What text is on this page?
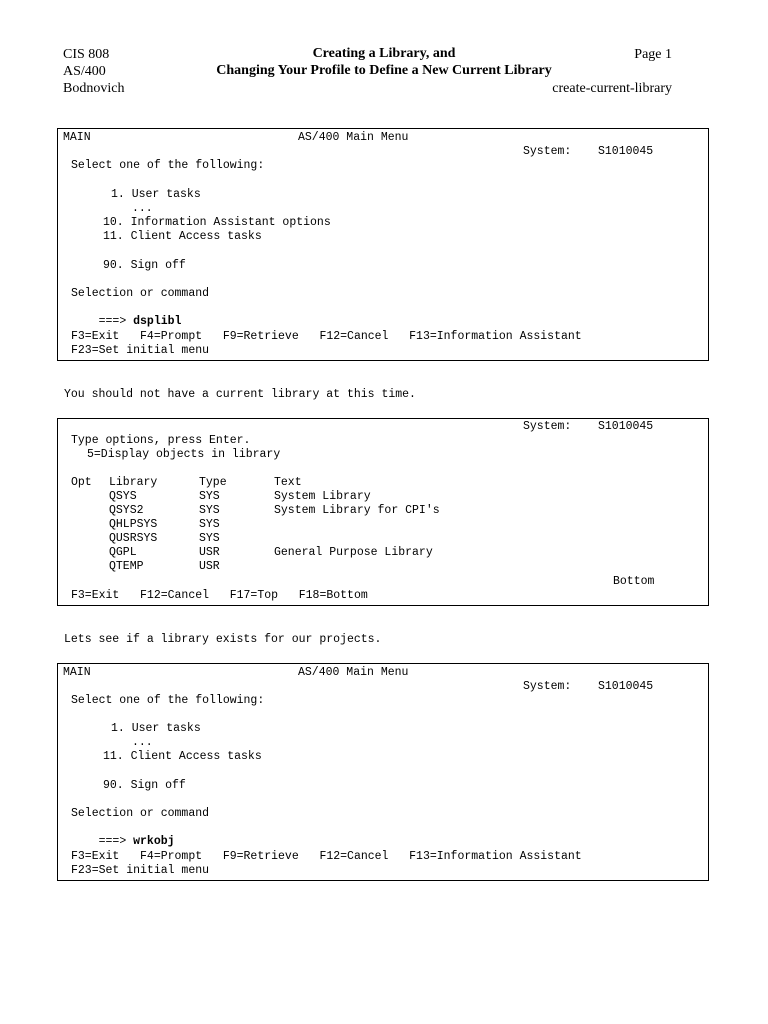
CIS 808
AS/400
Bodnovich
Creating a Library, and
Changing Your Profile to Define a New Current Library
Page 1
create-current-library
MAIN	AS/400 Main Menu
System: S1010045
Select one of the following:
1. User tasks
...
10. Information Assistant options
11. Client Access tasks
90. Sign off
Selection or command

===> dsplibl

F3=Exit   F4=Prompt   F9=Retrieve   F12=Cancel   F13=Information Assistant
F23=Set initial menu
You should not have a current library at this time.
System: S1010045
Type options, press Enter.
5=Display objects in library
Opt Library	Type	Text
QSYS	SYS	System Library
QSYS2	SYS	System Library for CPI's
QHLPSYS	SYS
QUSRSYS	SYS
QGPL	USR	General Purpose Library
QTEMP	USR
Bottom
F3=Exit   F12=Cancel   F17=Top   F18=Bottom
Lets see if a library exists for our projects.
MAIN	AS/400 Main Menu
System: S1010045
Select one of the following:
1. User tasks
...
11. Client Access tasks
90. Sign off
Selection or command

===> wrkobj

F3=Exit   F4=Prompt   F9=Retrieve   F12=Cancel   F13=Information Assistant
F23=Set initial menu
